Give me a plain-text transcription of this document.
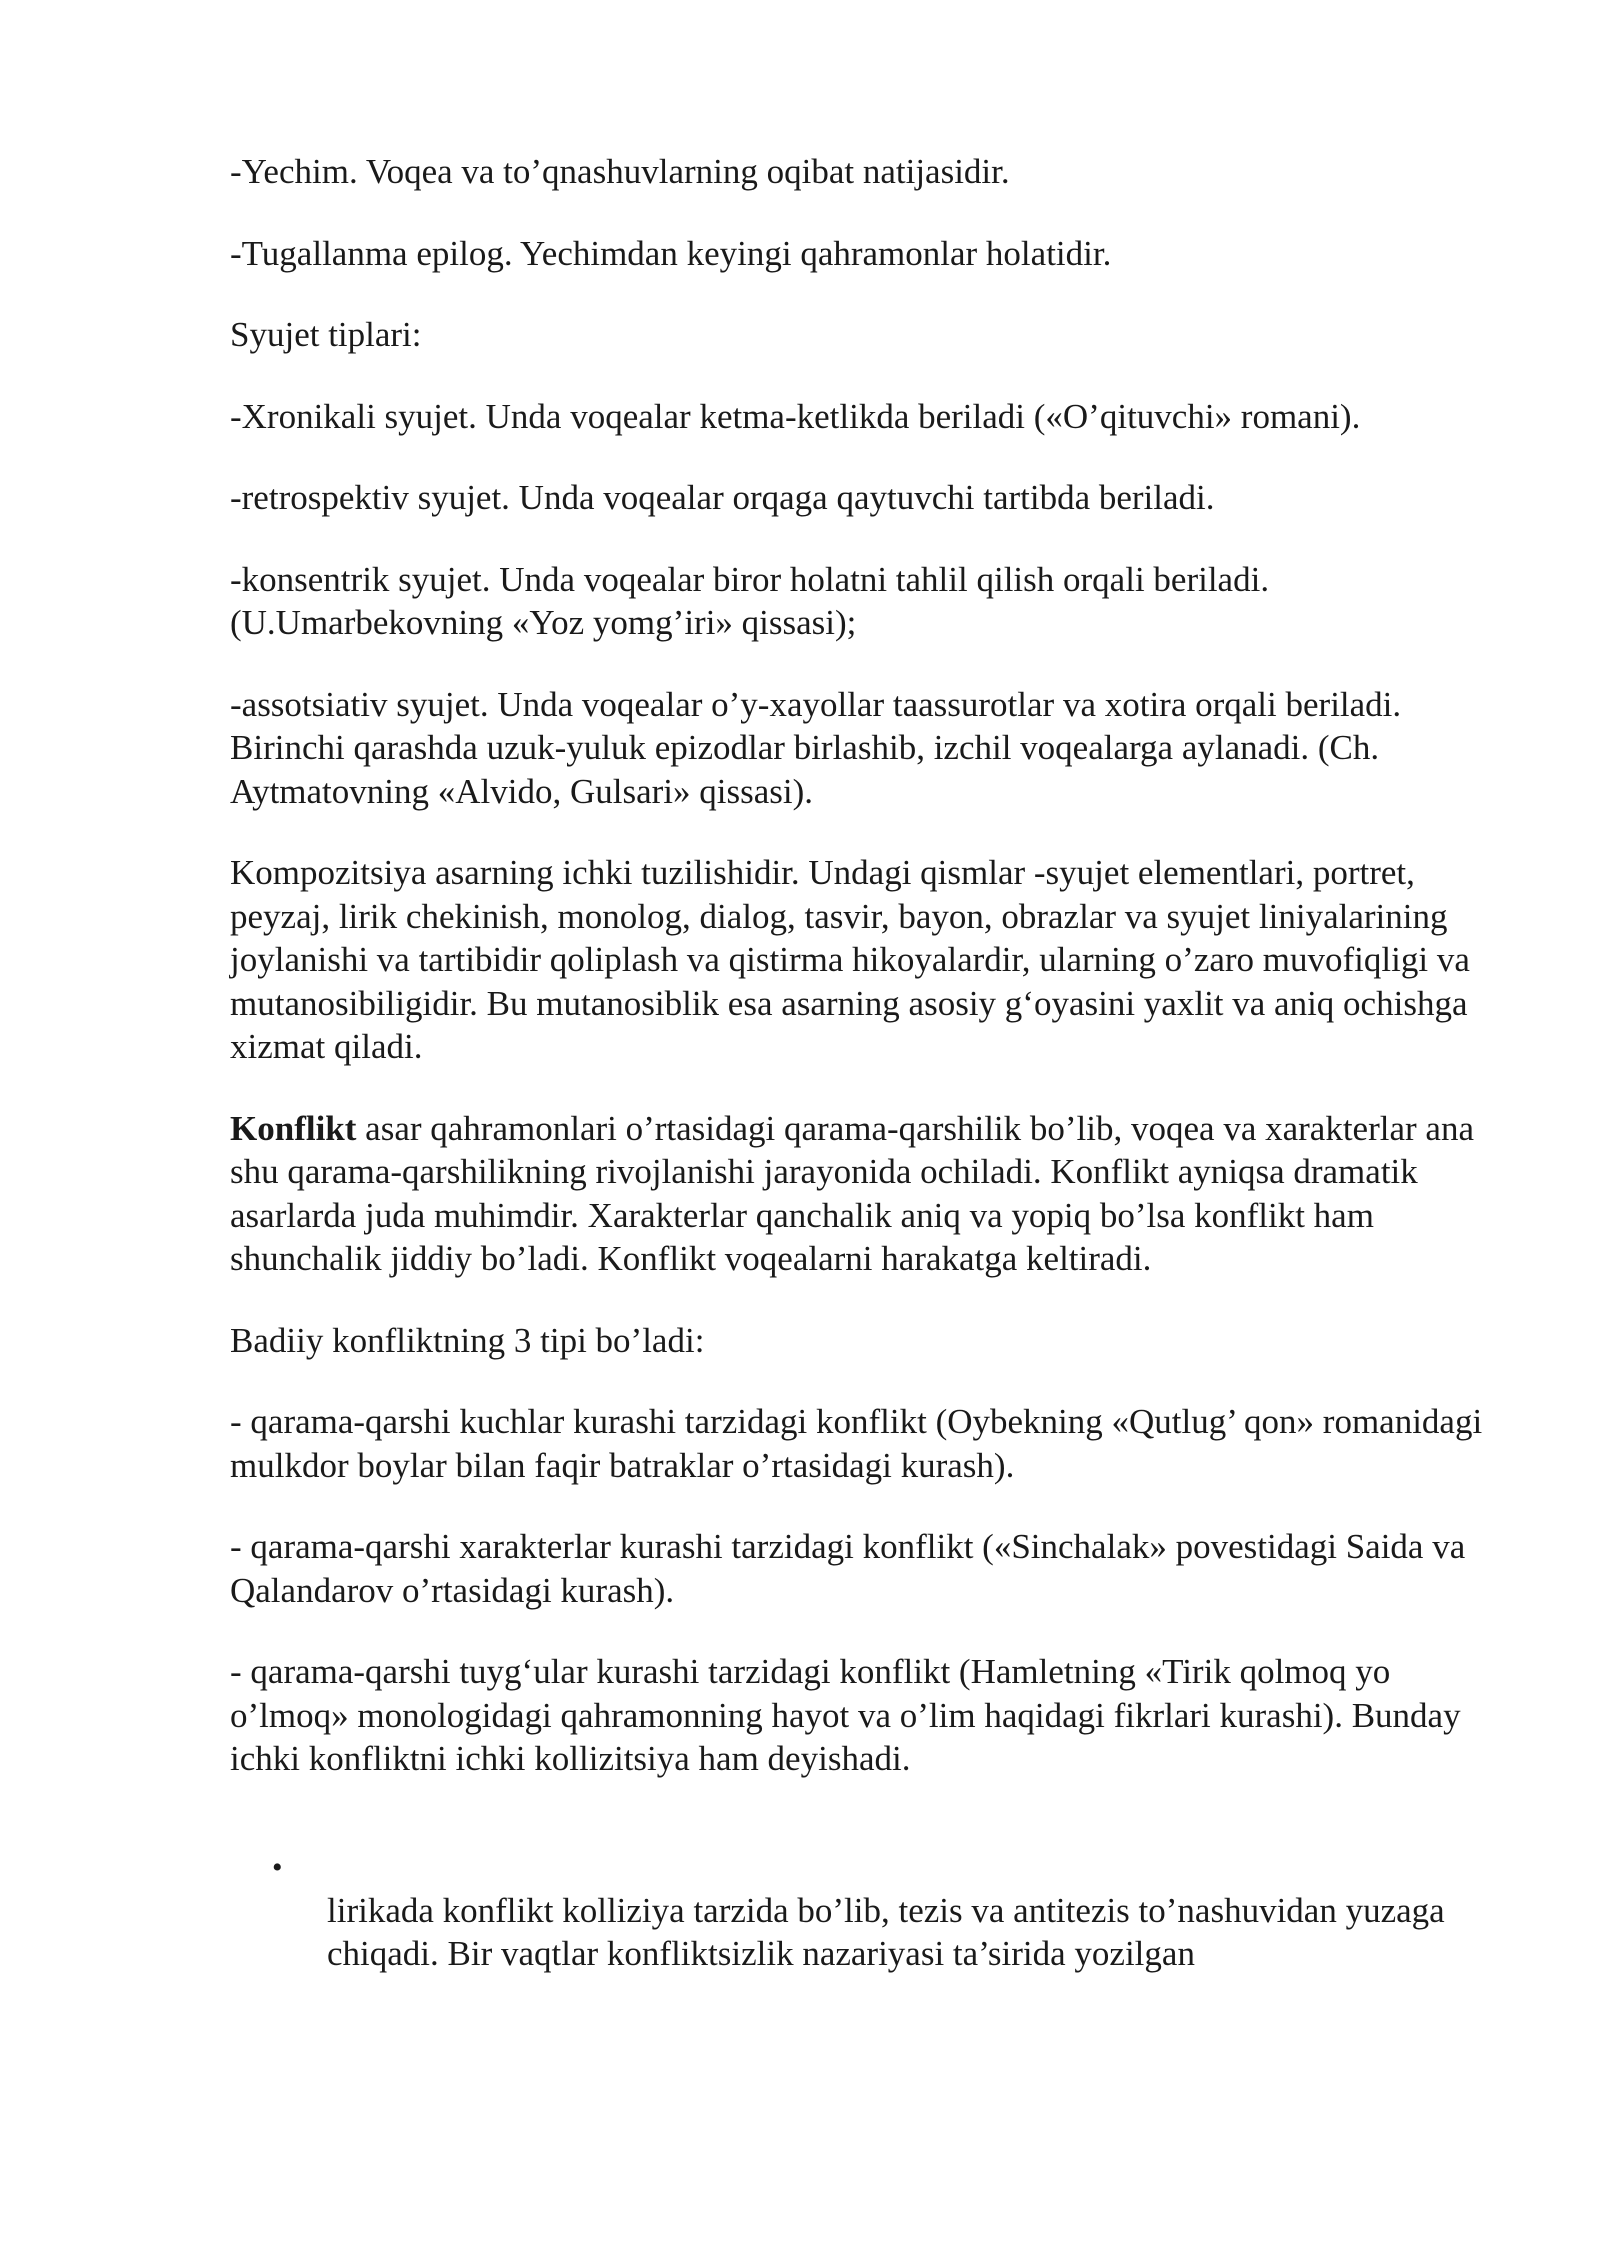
-Yechim. Voqea va to’qnashuvlarning oqibat natijasidir.

-Tugallanma epilog. Yechimdan keyingi qahramonlar holatidir.

Syujet tiplari:

-Xronikali syujet. Unda voqealar ketma-ketlikda beriladi («O’qituvchi» romani).

-retrospektiv syujet. Unda voqealar orqaga qaytuvchi tartibda beriladi.

-konsentrik syujet. Unda voqealar biror holatni tahlil qilish orqali beriladi. (U.Umarbekovning «Yoz yomg’iri» qissasi);

-assotsiativ syujet. Unda voqealar o’y-xayollar taassurotlar va xotira orqali beriladi. Birinchi qarashda uzuk-yuluk epizodlar birlashib, izchil voqealarga aylanadi. (Ch. Aytmatovning «Alvido, Gulsari» qissasi).

Kompozitsiya asarning ichki tuzilishidir. Undagi qismlar -syujet elementlari, portret, peyzaj, lirik chekinish, monolog, dialog, tasvir, bayon, obrazlar va syujet liniyalarining joylanishi va tartibidir qoliplash va qistirma hikoyalardir, ularning o’zaro muvofiqligi va mutanosibiligidir. Bu mutanosiblik esa asarning asosiy g‘oyasini yaxlit va aniq ochishga xizmat qiladi.

Konflikt asar qahramonlari o’rtasidagi qarama-qarshilik bo’lib, voqea va xarakterlar ana shu qarama-qarshilikning rivojlanishi jarayonida ochiladi. Konflikt ayniqsa dramatik asarlarda juda muhimdir. Xarakterlar qanchalik aniq va yopiq bo’lsa konflikt ham shunchalik jiddiy bo’ladi. Konflikt voqealarni harakatga keltiradi.

Badiiy konfliktning 3 tipi bo’ladi:

- qarama-qarshi kuchlar kurashi tarzidagi konflikt (Oybekning «Qutlug’ qon» romanidagi mulkdor boylar bilan faqir batraklar o’rtasidagi kurash).

- qarama-qarshi xarakterlar kurashi tarzidagi konflikt («Sinchalak» povestidagi Saida va Qalandarov o’rtasidagi kurash).

- qarama-qarshi tuyg‘ular kurashi tarzidagi konflikt (Hamletning «Tirik qolmoq yo o’lmoq» monologidagi qahramonning hayot va o’lim haqidagi fikrlari kurashi). Bunday ichki konfliktni ichki kollizitsiya ham deyishadi.

•
lirikada konflikt kolliziya tarzida bo’lib, tezis va antitezis to’nashuvidan yuzaga chiqadi. Bir vaqtlar konfliktsizlik nazariyasi ta’sirida yozilgan
